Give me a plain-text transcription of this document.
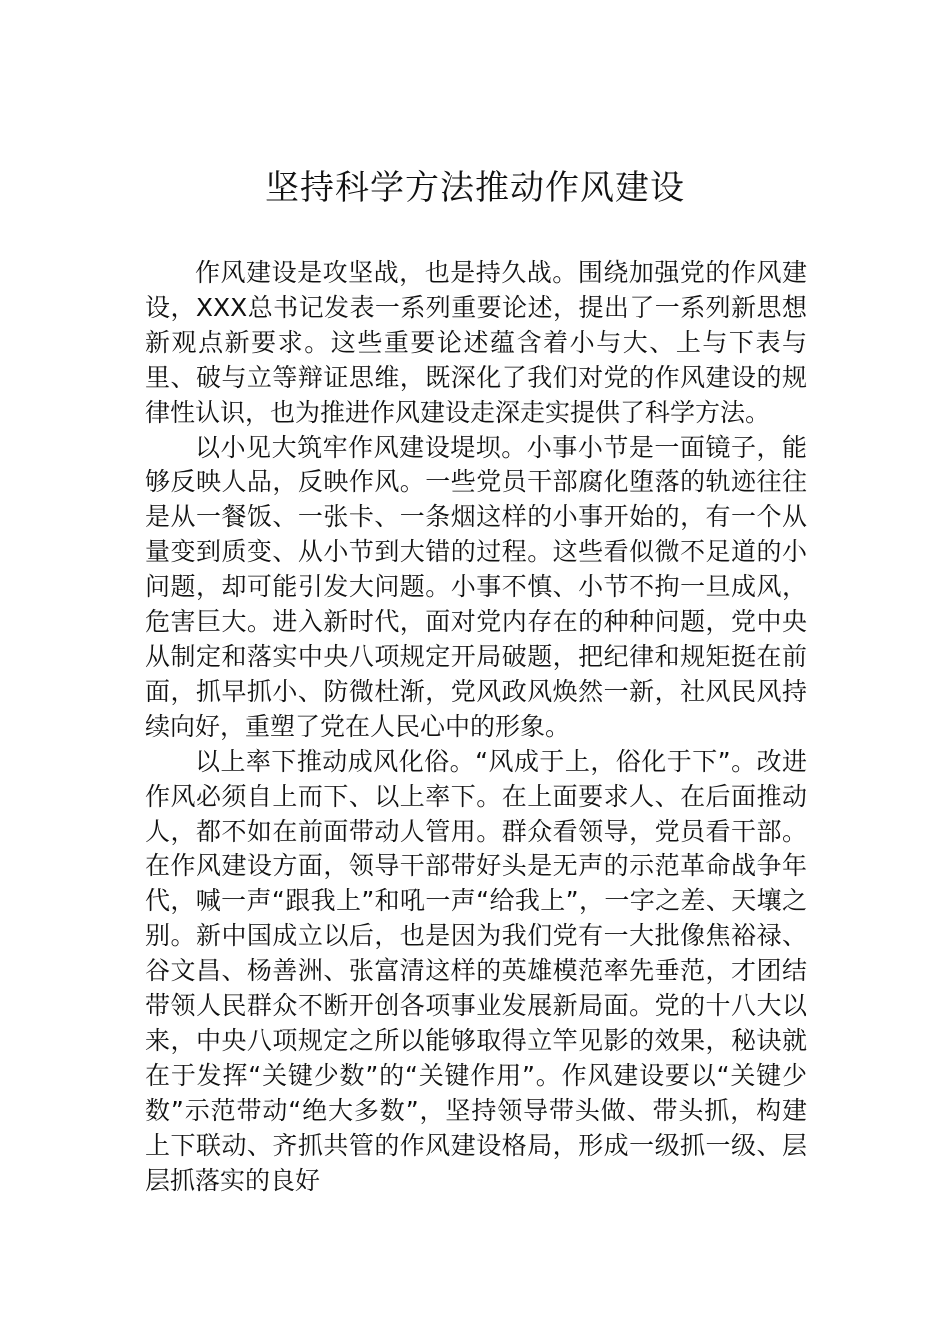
坚持科学方法推动作风建设

作风建设是攻坚战，也是持久战。围绕加强党的作风建设，XXX总书记发表一系列重要论述，提出了一系列新思想新观点新要求。这些重要论述蕴含着小与大、上与下表与里、破与立等辩证思维，既深化了我们对党的作风建设的规律性认识，也为推进作风建设走深走实提供了科学方法。

以小见大筑牢作风建设堤坝。小事小节是一面镜子，能够反映人品，反映作风。一些党员干部腐化堕落的轨迹往往是从一餐饭、一张卡、一条烟这样的小事开始的，有一个从量变到质变、从小节到大错的过程。这些看似微不足道的小问题，却可能引发大问题。小事不慎、小节不拘一旦成风，危害巨大。进入新时代，面对党内存在的种种问题，党中央从制定和落实中央八项规定开局破题，把纪律和规矩挺在前面，抓早抓小、防微杜渐，党风政风焕然一新，社风民风持续向好，重塑了党在人民心中的形象。

以上率下推动成风化俗。“风成于上，俗化于下”。改进作风必须自上而下、以上率下。在上面要求人、在后面推动人，都不如在前面带动人管用。群众看领导，党员看干部。在作风建设方面，领导干部带好头是无声的示范革命战争年代，喊一声“跟我上”和吼一声“给我上”，一字之差、天壤之别。新中国成立以后，也是因为我们党有一大批像焦裕禄、谷文昌、杨善洲、张富清这样的英雄模范率先垂范，才团结带领人民群众不断开创各项事业发展新局面。党的十八大以来，中央八项规定之所以能够取得立竿见影的效果，秘诀就在于发挥“关键少数”的“关键作用”。作风建设要以“关键少数”示范带动“绝大多数”，坚持领导带头做、带头抓，构建上下联动、齐抓共管的作风建设格局，形成一级抓一级、层层抓落实的良好
